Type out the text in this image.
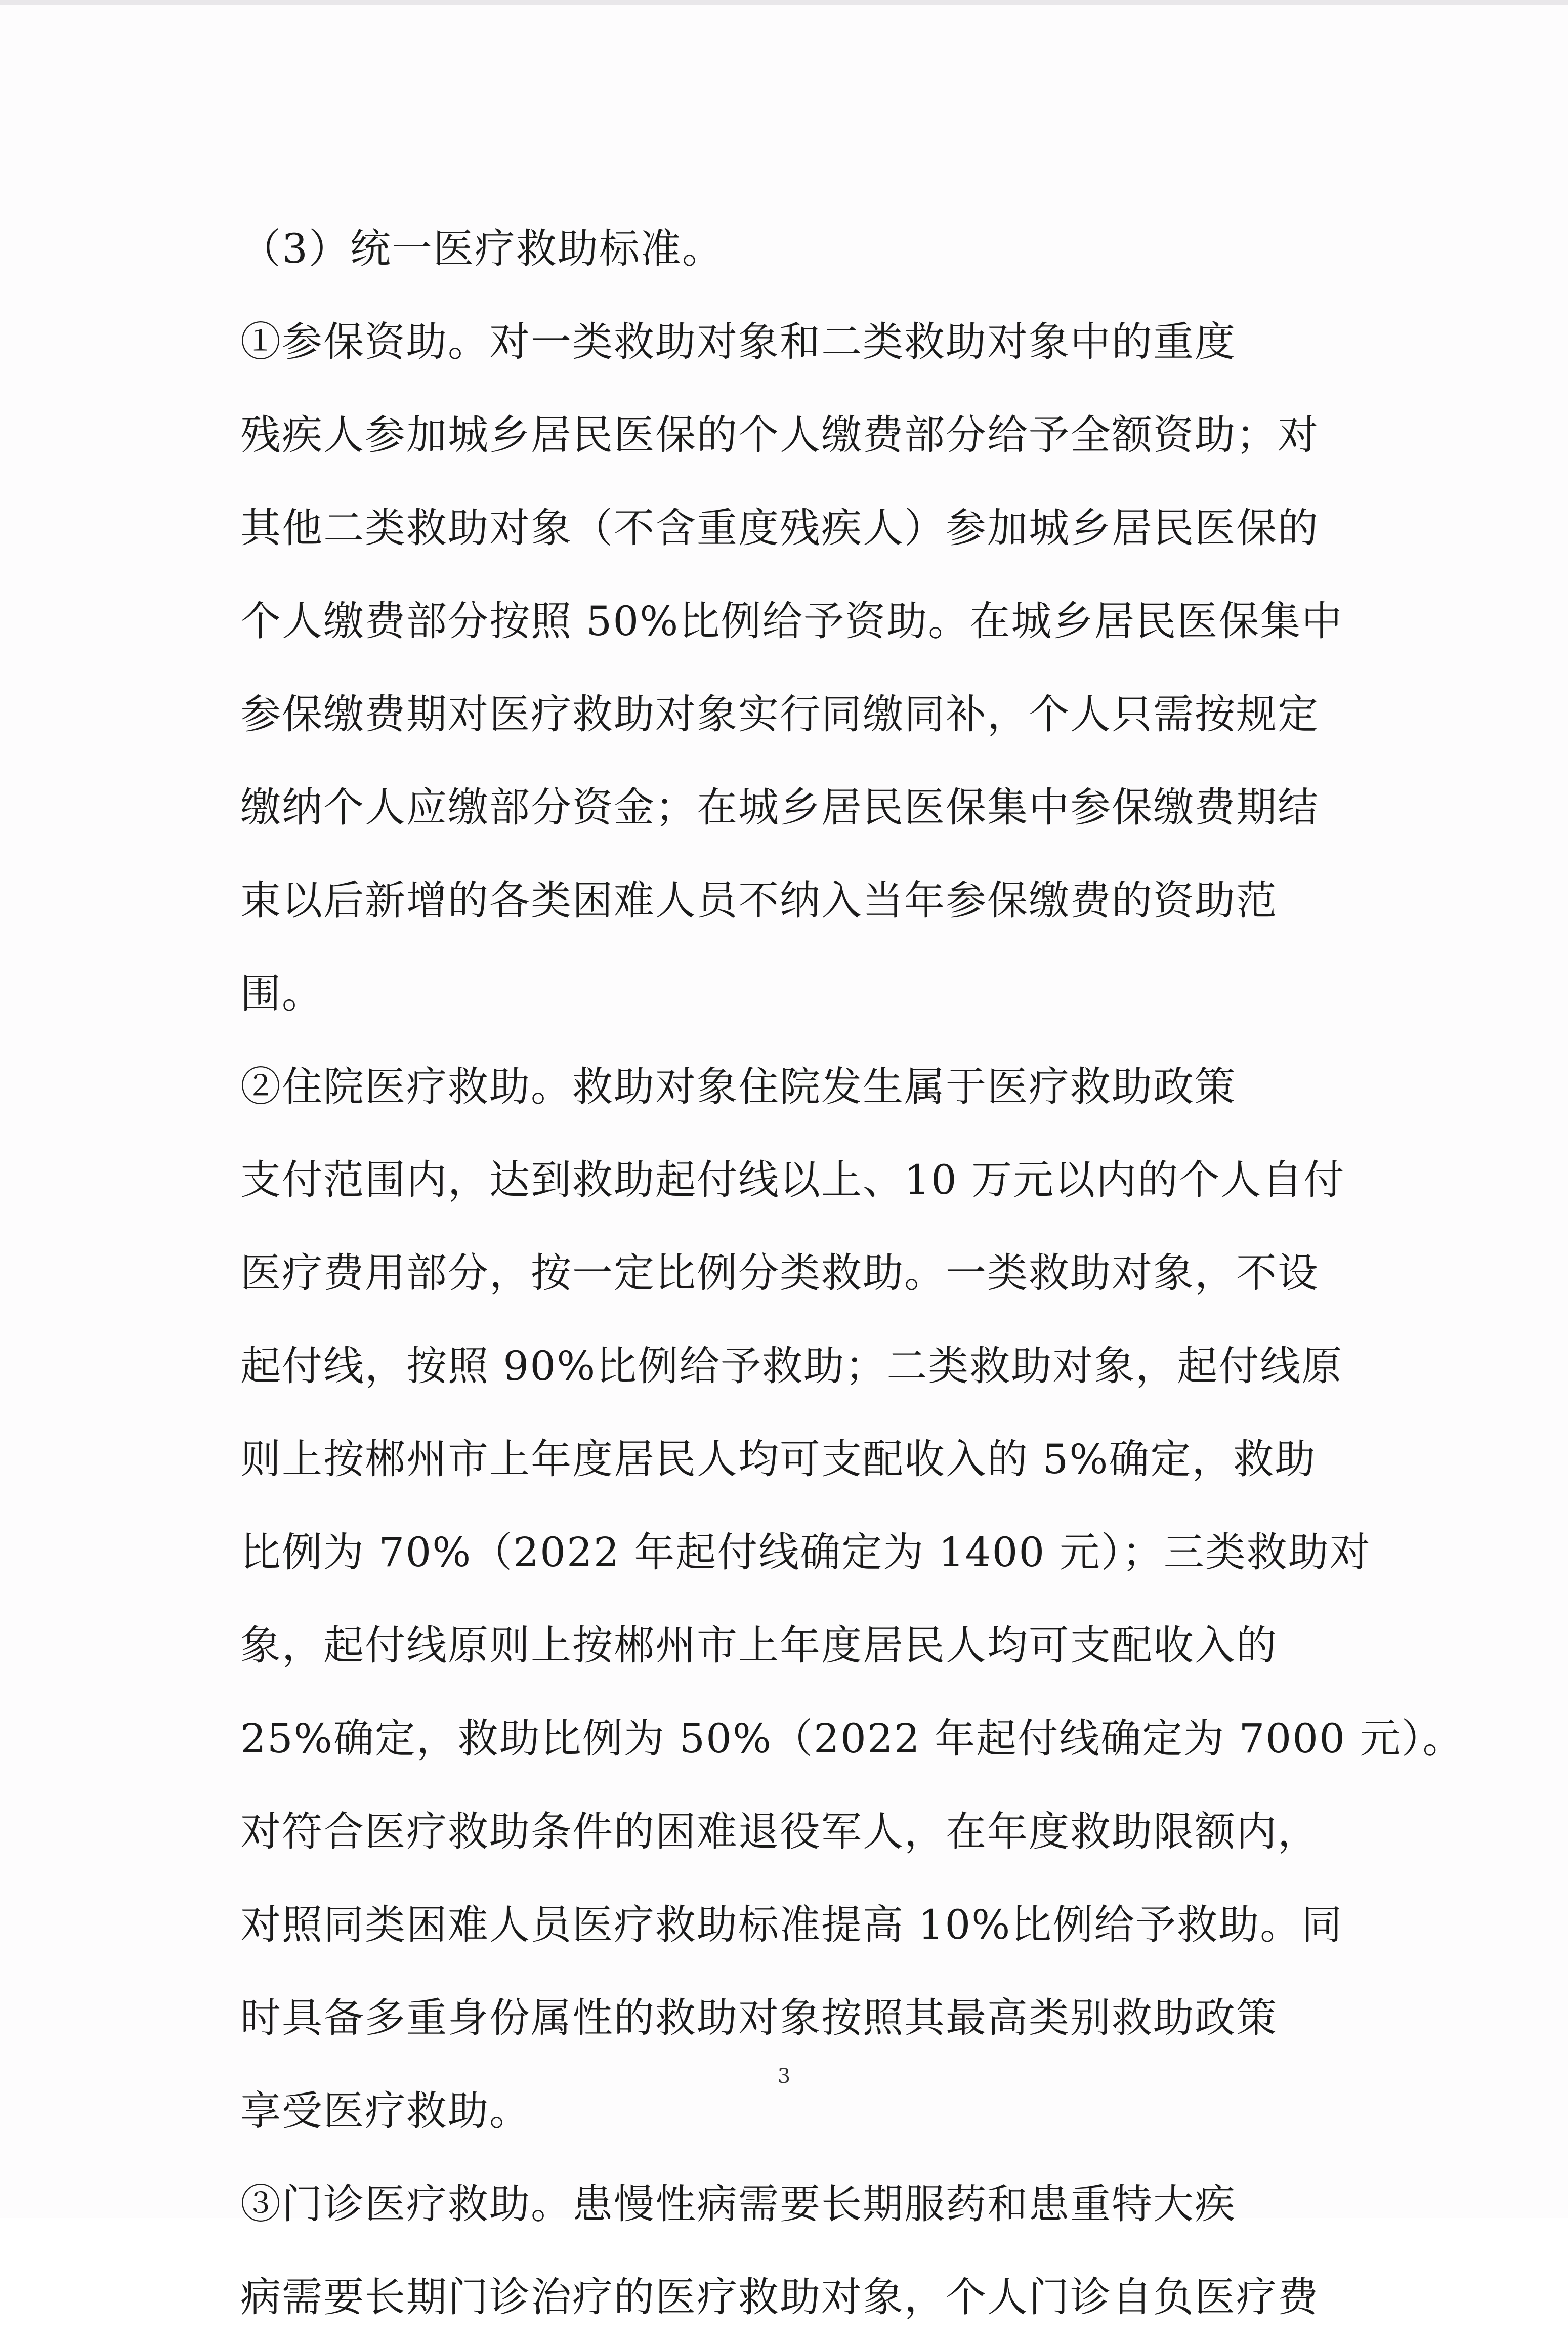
（3）统一医疗救助标准。
①参保资助。对一类救助对象和二类救助对象中的重度
残疾人参加城乡居民医保的个人缴费部分给予全额资助；对
其他二类救助对象（不含重度残疾人）参加城乡居民医保的
个人缴费部分按照 50%比例给予资助。在城乡居民医保集中
参保缴费期对医疗救助对象实行同缴同补，个人只需按规定
缴纳个人应缴部分资金；在城乡居民医保集中参保缴费期结
束以后新增的各类困难人员不纳入当年参保缴费的资助范
围。
②住院医疗救助。救助对象住院发生属于医疗救助政策
支付范围内，达到救助起付线以上、10 万元以内的个人自付
医疗费用部分，按一定比例分类救助。一类救助对象，不设
起付线，按照 90%比例给予救助；二类救助对象，起付线原
则上按郴州市上年度居民人均可支配收入的 5%确定，救助
比例为 70%（2022 年起付线确定为 1400 元）；三类救助对
象，起付线原则上按郴州市上年度居民人均可支配收入的
25%确定，救助比例为 50%（2022 年起付线确定为 7000 元）。
对符合医疗救助条件的困难退役军人，在年度救助限额内，
对照同类困难人员医疗救助标准提高 10%比例给予救助。同
时具备多重身份属性的救助对象按照其最高类别救助政策
享受医疗救助。
③门诊医疗救助。患慢性病需要长期服药和患重特大疾
病需要长期门诊治疗的医疗救助对象，个人门诊自负医疗费
3
